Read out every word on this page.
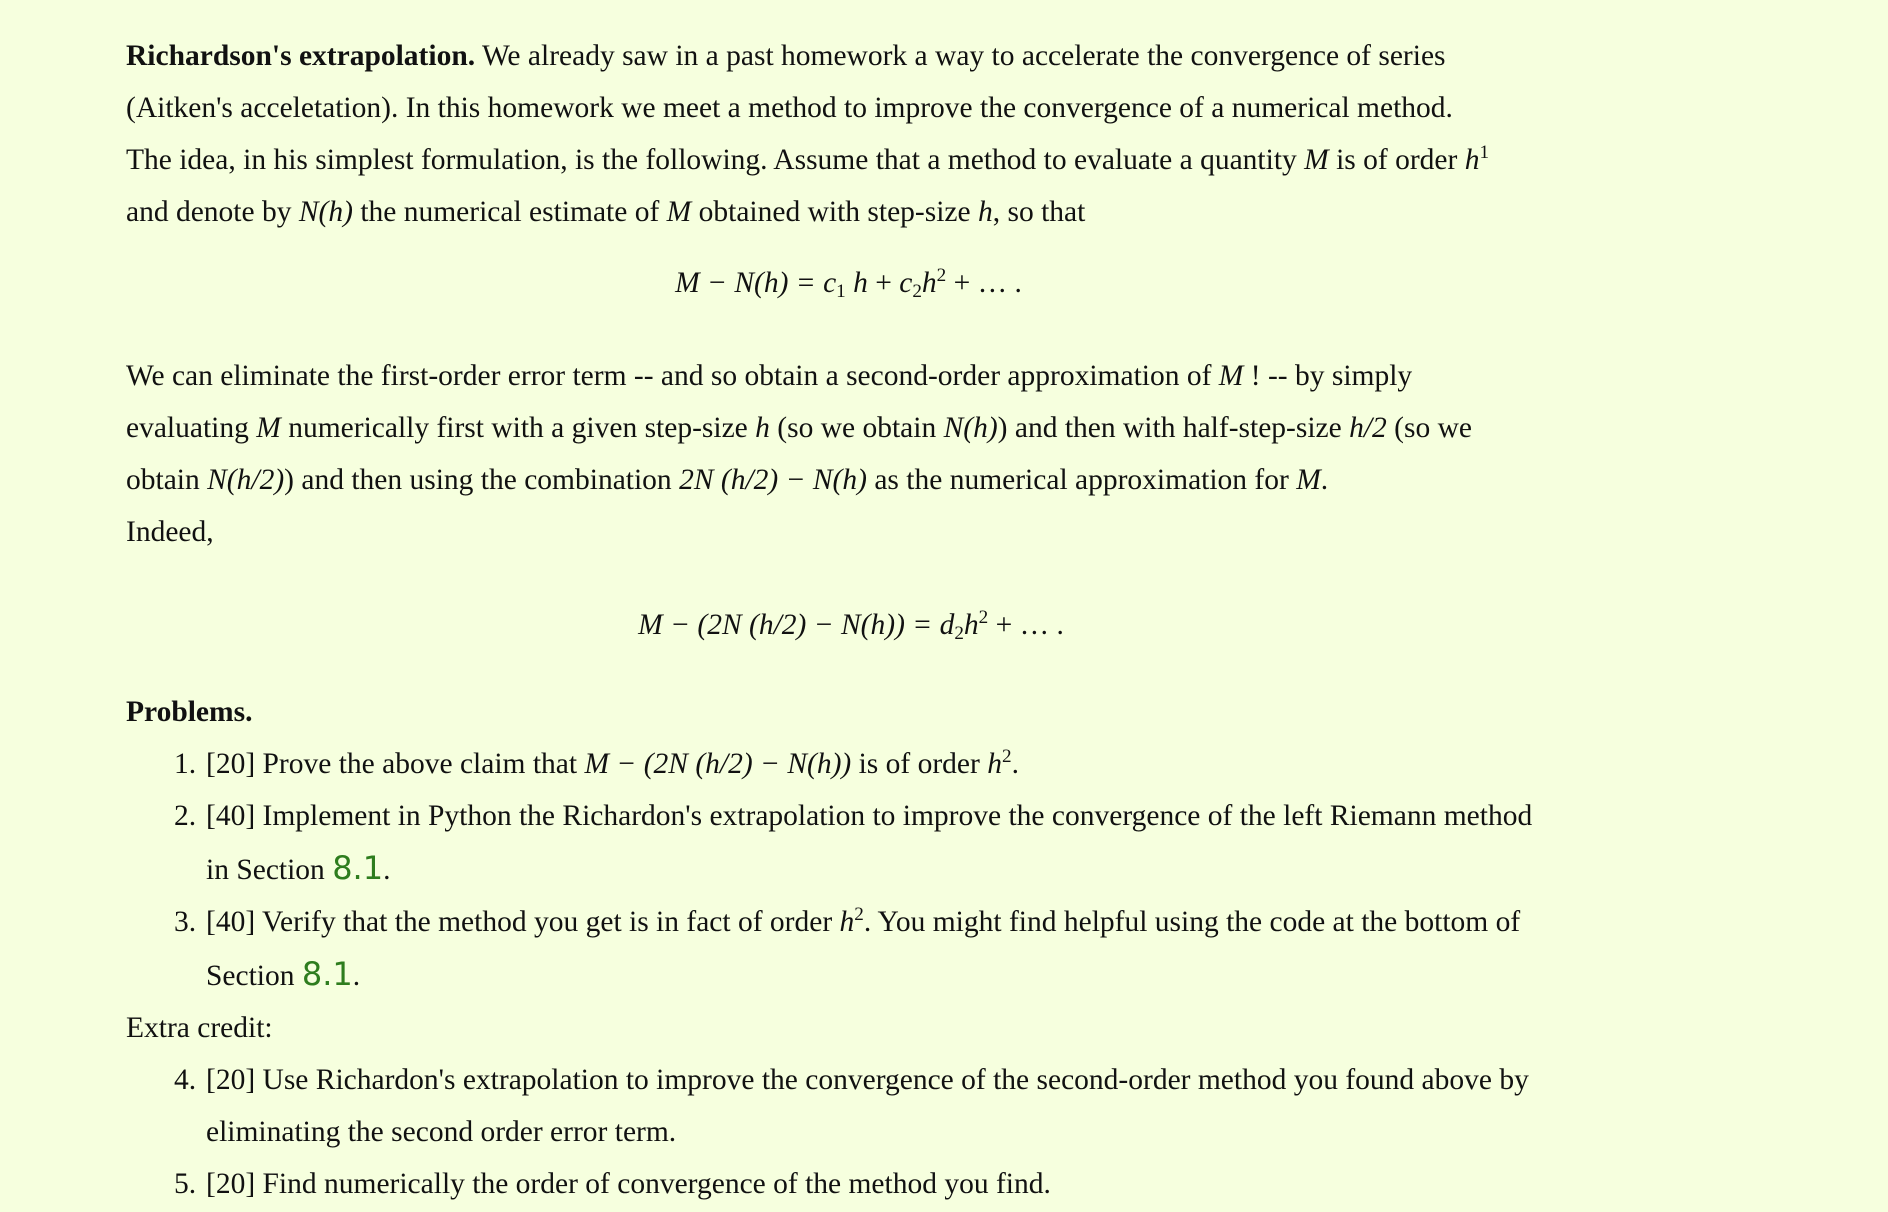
Richardson's extrapolation. We already saw in a past homework a way to accelerate the convergence of series
(Aitken's acceletation). In this homework we meet a method to improve the convergence of a numerical method.
The idea, in his simplest formulation, is the following. Assume that a method to evaluate a quantity M is of order $h^1$
and denote by N(h) the numerical estimate of M obtained with step-size h, so that

$M - N(h) = c_1$ $h + c_2h^2$ + … .

We can eliminate the first-order error term -- and so obtain a second-order approximation of M ! -- by simply
evaluating M numerically first with a given step-size h (so we obtain N(h)) and then with half-step-size h/2 (so we
obtain N(h/2)) and then using the combination 2N (h/2) − N(h) as the numerical approximation for M.
Indeed,

M − (2N $(h/2) - N(h)) = d_2h^2$ + … .
Problems.
1. [20] Prove the above claim that M − (2N (h/2) − N(h)) is of order $h^2$.
2. [40] Implement in Python the Richardon's extrapolation to improve the convergence of the left Riemann method
in Section 8.1.
3. [40] Verify that the method you get is in fact of order $h^2$. You might find helpful using the code at the bottom of
Section 8.1.
Extra credit:
4. [20] Use Richardon's extrapolation to improve the convergence of the second-order method you found above by
eliminating the second order error term.
5. [20] Find numerically the order of convergence of the method you find.
